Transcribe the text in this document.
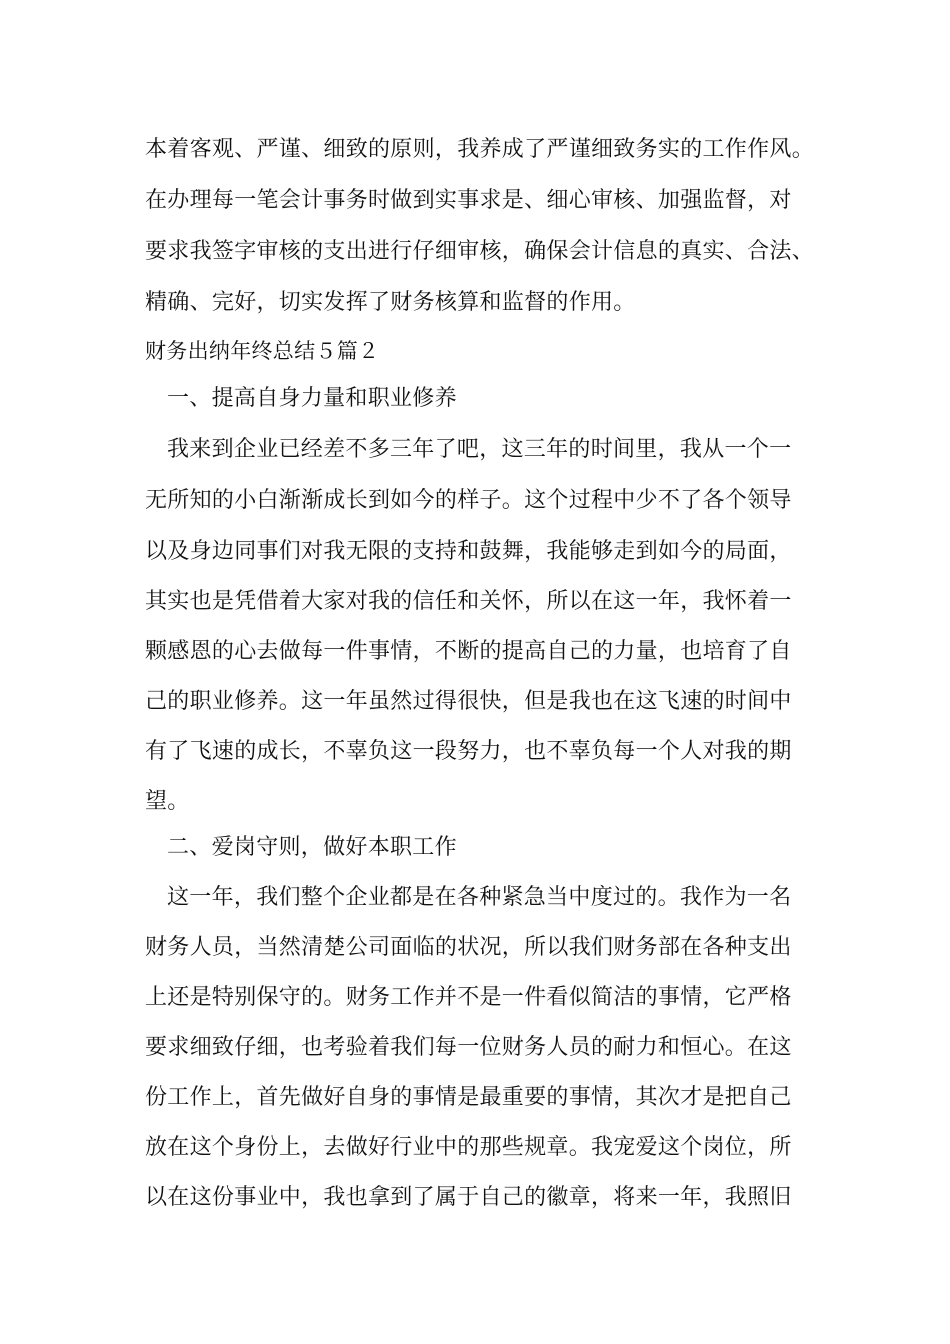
本着客观、严谨、细致的原则，我养成了严谨细致务实的工作作风。
在办理每一笔会计事务时做到实事求是、细心审核、加强监督，对
要求我签字审核的支出进行仔细审核，确保会计信息的真实、合法、
精确、完好，切实发挥了财务核算和监督的作用。
财务出纳年终总结５篇２
一、提高自身力量和职业修养
我来到企业已经差不多三年了吧，这三年的时间里，我从一个一
无所知的小白渐渐成长到如今的样子。这个过程中少不了各个领导
以及身边同事们对我无限的支持和鼓舞，我能够走到如今的局面，
其实也是凭借着大家对我的信任和关怀，所以在这一年，我怀着一
颗感恩的心去做每一件事情，不断的提高自己的力量，也培育了自
己的职业修养。这一年虽然过得很快，但是我也在这飞速的时间中
有了飞速的成长，不辜负这一段努力，也不辜负每一个人对我的期
望。
二、爱岗守则，做好本职工作
这一年，我们整个企业都是在各种紧急当中度过的。我作为一名
财务人员，当然清楚公司面临的状况，所以我们财务部在各种支出
上还是特别保守的。财务工作并不是一件看似简洁的事情，它严格
要求细致仔细，也考验着我们每一位财务人员的耐力和恒心。在这
份工作上，首先做好自身的事情是最重要的事情，其次才是把自己
放在这个身份上，去做好行业中的那些规章。我宠爱这个岗位，所
以在这份事业中，我也拿到了属于自己的徽章，将来一年，我照旧
